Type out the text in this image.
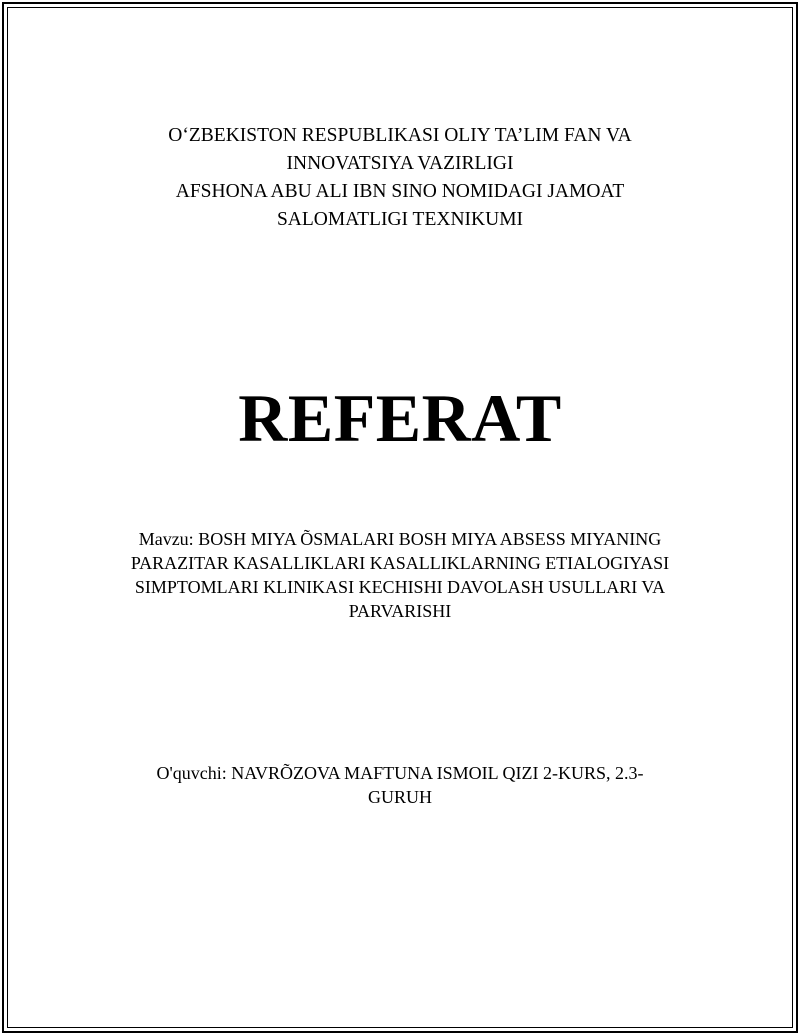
O‘ZBEKISTON RESPUBLIKASI OLIY TA’LIM FAN VA
INNOVATSIYA VAZIRLIGI
AFSHONA ABU ALI IBN SINO NOMIDAGI JAMOAT
SALOMATLIGI TEXNIKUMI
REFERAT
Mavzu: BOSH MIYA ÕSMALARI BOSH MIYA ABSESS MIYANING
PARAZITAR KASALLIKLARI KASALLIKLARNING ETIALOGIYASI
SIMPTOMLARI KLINIKASI KECHISHI DAVOLASH USULLARI VA
PARVARISHI
O'quvchi: NAVRÕZOVA MAFTUNA ISMOIL QIZI 2-KURS, 2.3-
GURUH
